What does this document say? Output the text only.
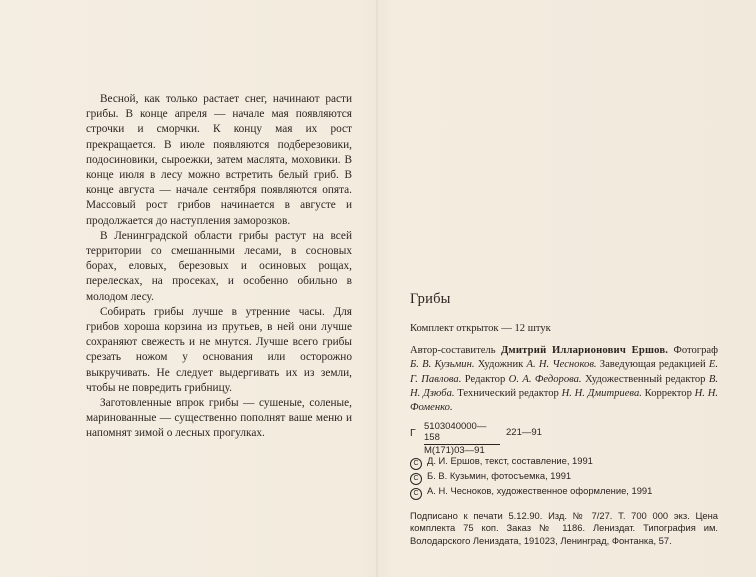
Весной, как только растает снег, начинают расти грибы. В конце апреля — начале мая появляются строчки и сморчки. К концу мая их рост прекращается. В июле появляются подберезовики, подосиновики, сыроежки, затем маслята, моховики. В конце июля в лесу можно встретить белый гриб. В конце августа — начале сентября появляются опята. Массовый рост грибов начинается в августе и продолжается до наступления заморозков.

В Ленинградской области грибы растут на всей территории со смешанными лесами, в сосновых борах, еловых, березовых и осиновых рощах, перелесках, на просеках, и особенно обильно в молодом лесу.

Собирать грибы лучше в утренние часы. Для грибов хороша корзина из прутьев, в ней они лучше сохраняют свежесть и не мнутся. Лучше всего грибы срезать ножом у основания или осторожно выкручивать. Не следует выдергивать их из земли, чтобы не повредить грибницу.

Заготовленные впрок грибы — сушеные, соленые, маринованные — существенно пополнят ваше меню и напомнят зимой о лесных прогулках.

Грибы
Комплект открыток — 12 штук
Автор-составитель Дмитрий Илларионович Ершов. Фотограф Б. В. Кузьмин. Художник А. Н. Чесноков. Заведующая редакцией Е. Г. Павлова. Редактор О. А. Федорова. Художественный редактор В. Н. Дзюба. Технический редактор Н. Н. Дмитриева. Корректор Н. Н. Фоменко.
Г
5103040000—158
М(171)03—91
221—91
C Д. И. Ершов, текст, составление, 1991
C Б. В. Кузьмин, фотосъемка, 1991
C А. Н. Чесноков, художественное оформление, 1991
Подписано к печати 5.12.90. Изд. № 7/27. Т. 700 000 экз. Цена комплекта 75 коп. Заказ № 1186. Лениздат. Типография им. Володарского Лениздата, 191023, Ленинград, Фонтанка, 57.
